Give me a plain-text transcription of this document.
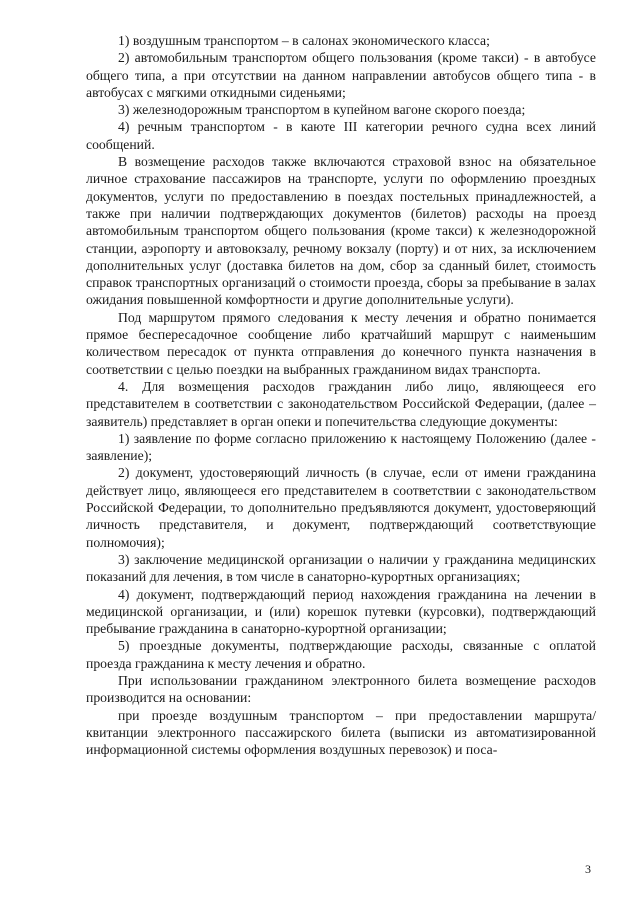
1) воздушным транспортом – в салонах экономического класса;

2) автомобильным транспортом общего пользования (кроме такси) - в автобусе общего типа, а при отсутствии на данном направлении автобусов общего типа - в автобусах с мягкими откидными сиденьями;

3) железнодорожным транспортом в купейном вагоне скорого поезда;

4) речным транспортом - в каюте III категории речного судна всех линий сообщений.

В возмещение расходов также включаются страховой взнос на обязательное личное страхование пассажиров на транспорте, услуги по оформлению проездных документов, услуги по предоставлению в поездах постельных принадлежностей, а также при наличии подтверждающих документов (билетов) расходы на проезд автомобильным транспортом общего пользования (кроме такси) к железнодорожной станции, аэропорту и автовокзалу, речному вокзалу (порту) и от них, за исключением дополнительных услуг (доставка билетов на дом, сбор за сданный билет, стоимость справок транспортных организаций о стоимости проезда, сборы за пребывание в залах ожидания повышенной комфортности и другие дополнительные услуги).

Под маршрутом прямого следования к месту лечения и обратно понимается прямое беспересадочное сообщение либо кратчайший маршрут с наименьшим количеством пересадок от пункта отправления до конечного пункта назначения в соответствии с целью поездки на выбранных гражданином видах транспорта.

4. Для возмещения расходов гражданин либо лицо, являющееся его представителем в соответствии с законодательством Российской Федерации, (далее – заявитель) представляет в орган опеки и попечительства следующие документы:

1) заявление по форме согласно приложению к настоящему Положению (далее - заявление);

2) документ, удостоверяющий личность (в случае, если от имени гражданина действует лицо, являющееся его представителем в соответствии с законодательством Российской Федерации, то дополнительно предъявляются документ, удостоверяющий личность представителя, и документ, подтверждающий соответствующие полномочия);

3) заключение медицинской организации о наличии у гражданина медицинских показаний для лечения, в том числе в санаторно-курортных организациях;

4) документ, подтверждающий период нахождения гражданина на лечении в медицинской организации, и (или) корешок путевки (курсовки), подтверждающий пребывание гражданина в санаторно-курортной организации;

5) проездные документы, подтверждающие расходы, связанные с оплатой проезда гражданина к месту лечения и обратно.

При использовании гражданином электронного билета возмещение расходов производится на основании:

при проезде воздушным транспортом – при предоставлении маршрута/квитанции электронного пассажирского билета (выписки из автоматизированной информационной системы оформления воздушных перевозок) и поса-

3
